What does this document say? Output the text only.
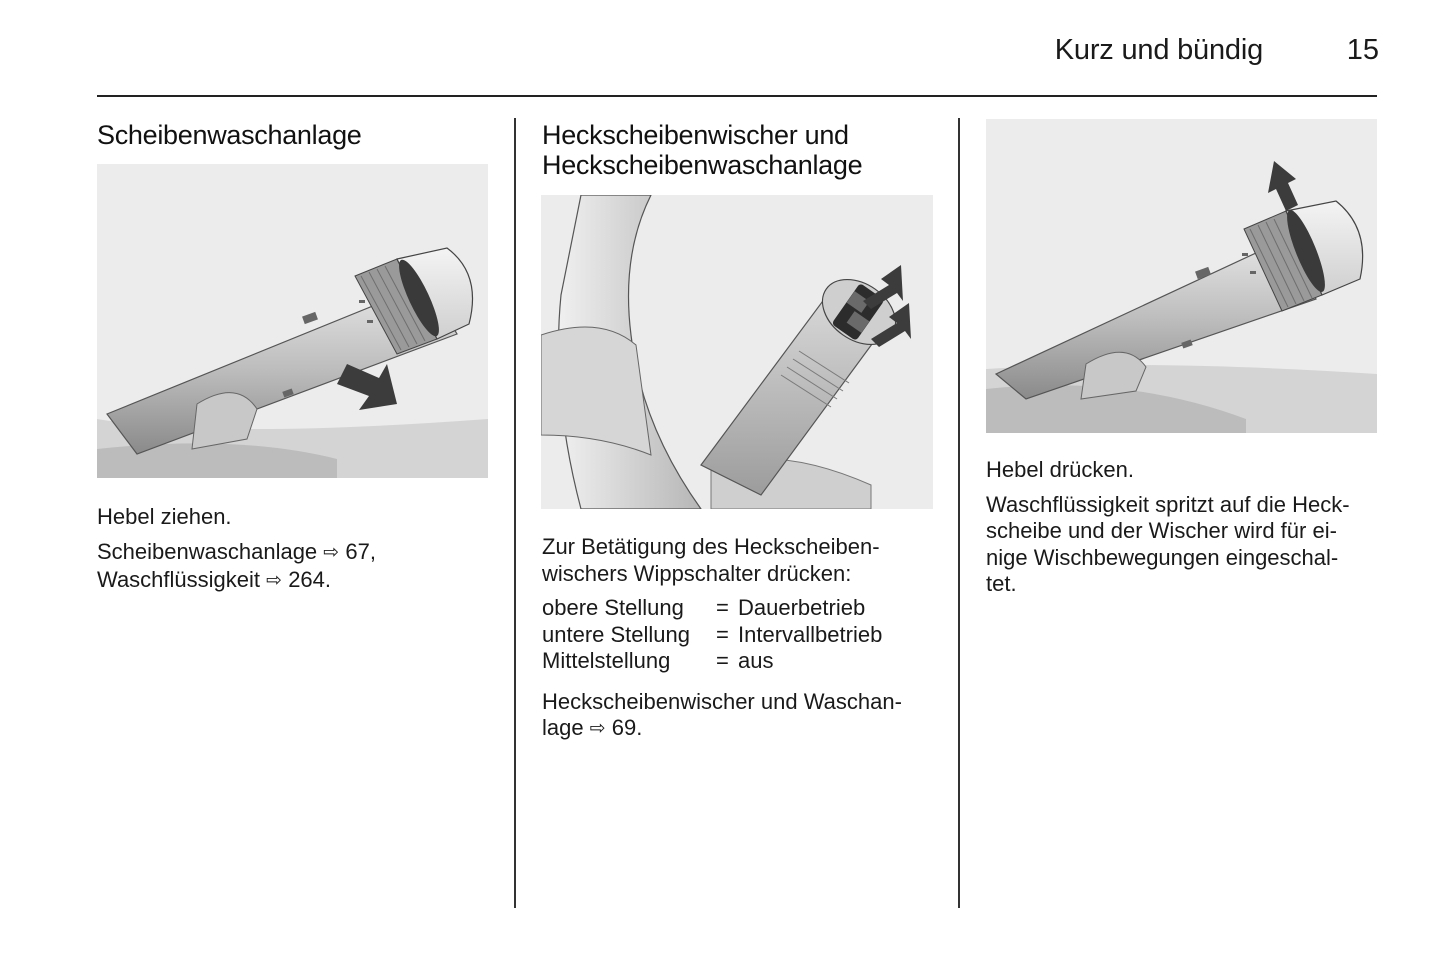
Kurz und bündig	15
Scheibenwaschanlage
Hebel ziehen.
Scheibenwaschanlage ⇨ 67,
Waschflüssigkeit ⇨ 264.
Heckscheibenwischer und
Heckscheibenwaschanlage
Zur Betätigung des Heckscheiben-
wischers Wippschalter drücken:
obere Stellung	=	Dauerbetrieb
untere Stellung	=	Intervallbetrieb
Mittelstellung	=	aus
Heckscheibenwischer und Waschan-
lage ⇨ 69.
Hebel drücken.
Waschflüssigkeit spritzt auf die Heck-
scheibe und der Wischer wird für ei-
nige Wischbewegungen eingeschal-
tet.
